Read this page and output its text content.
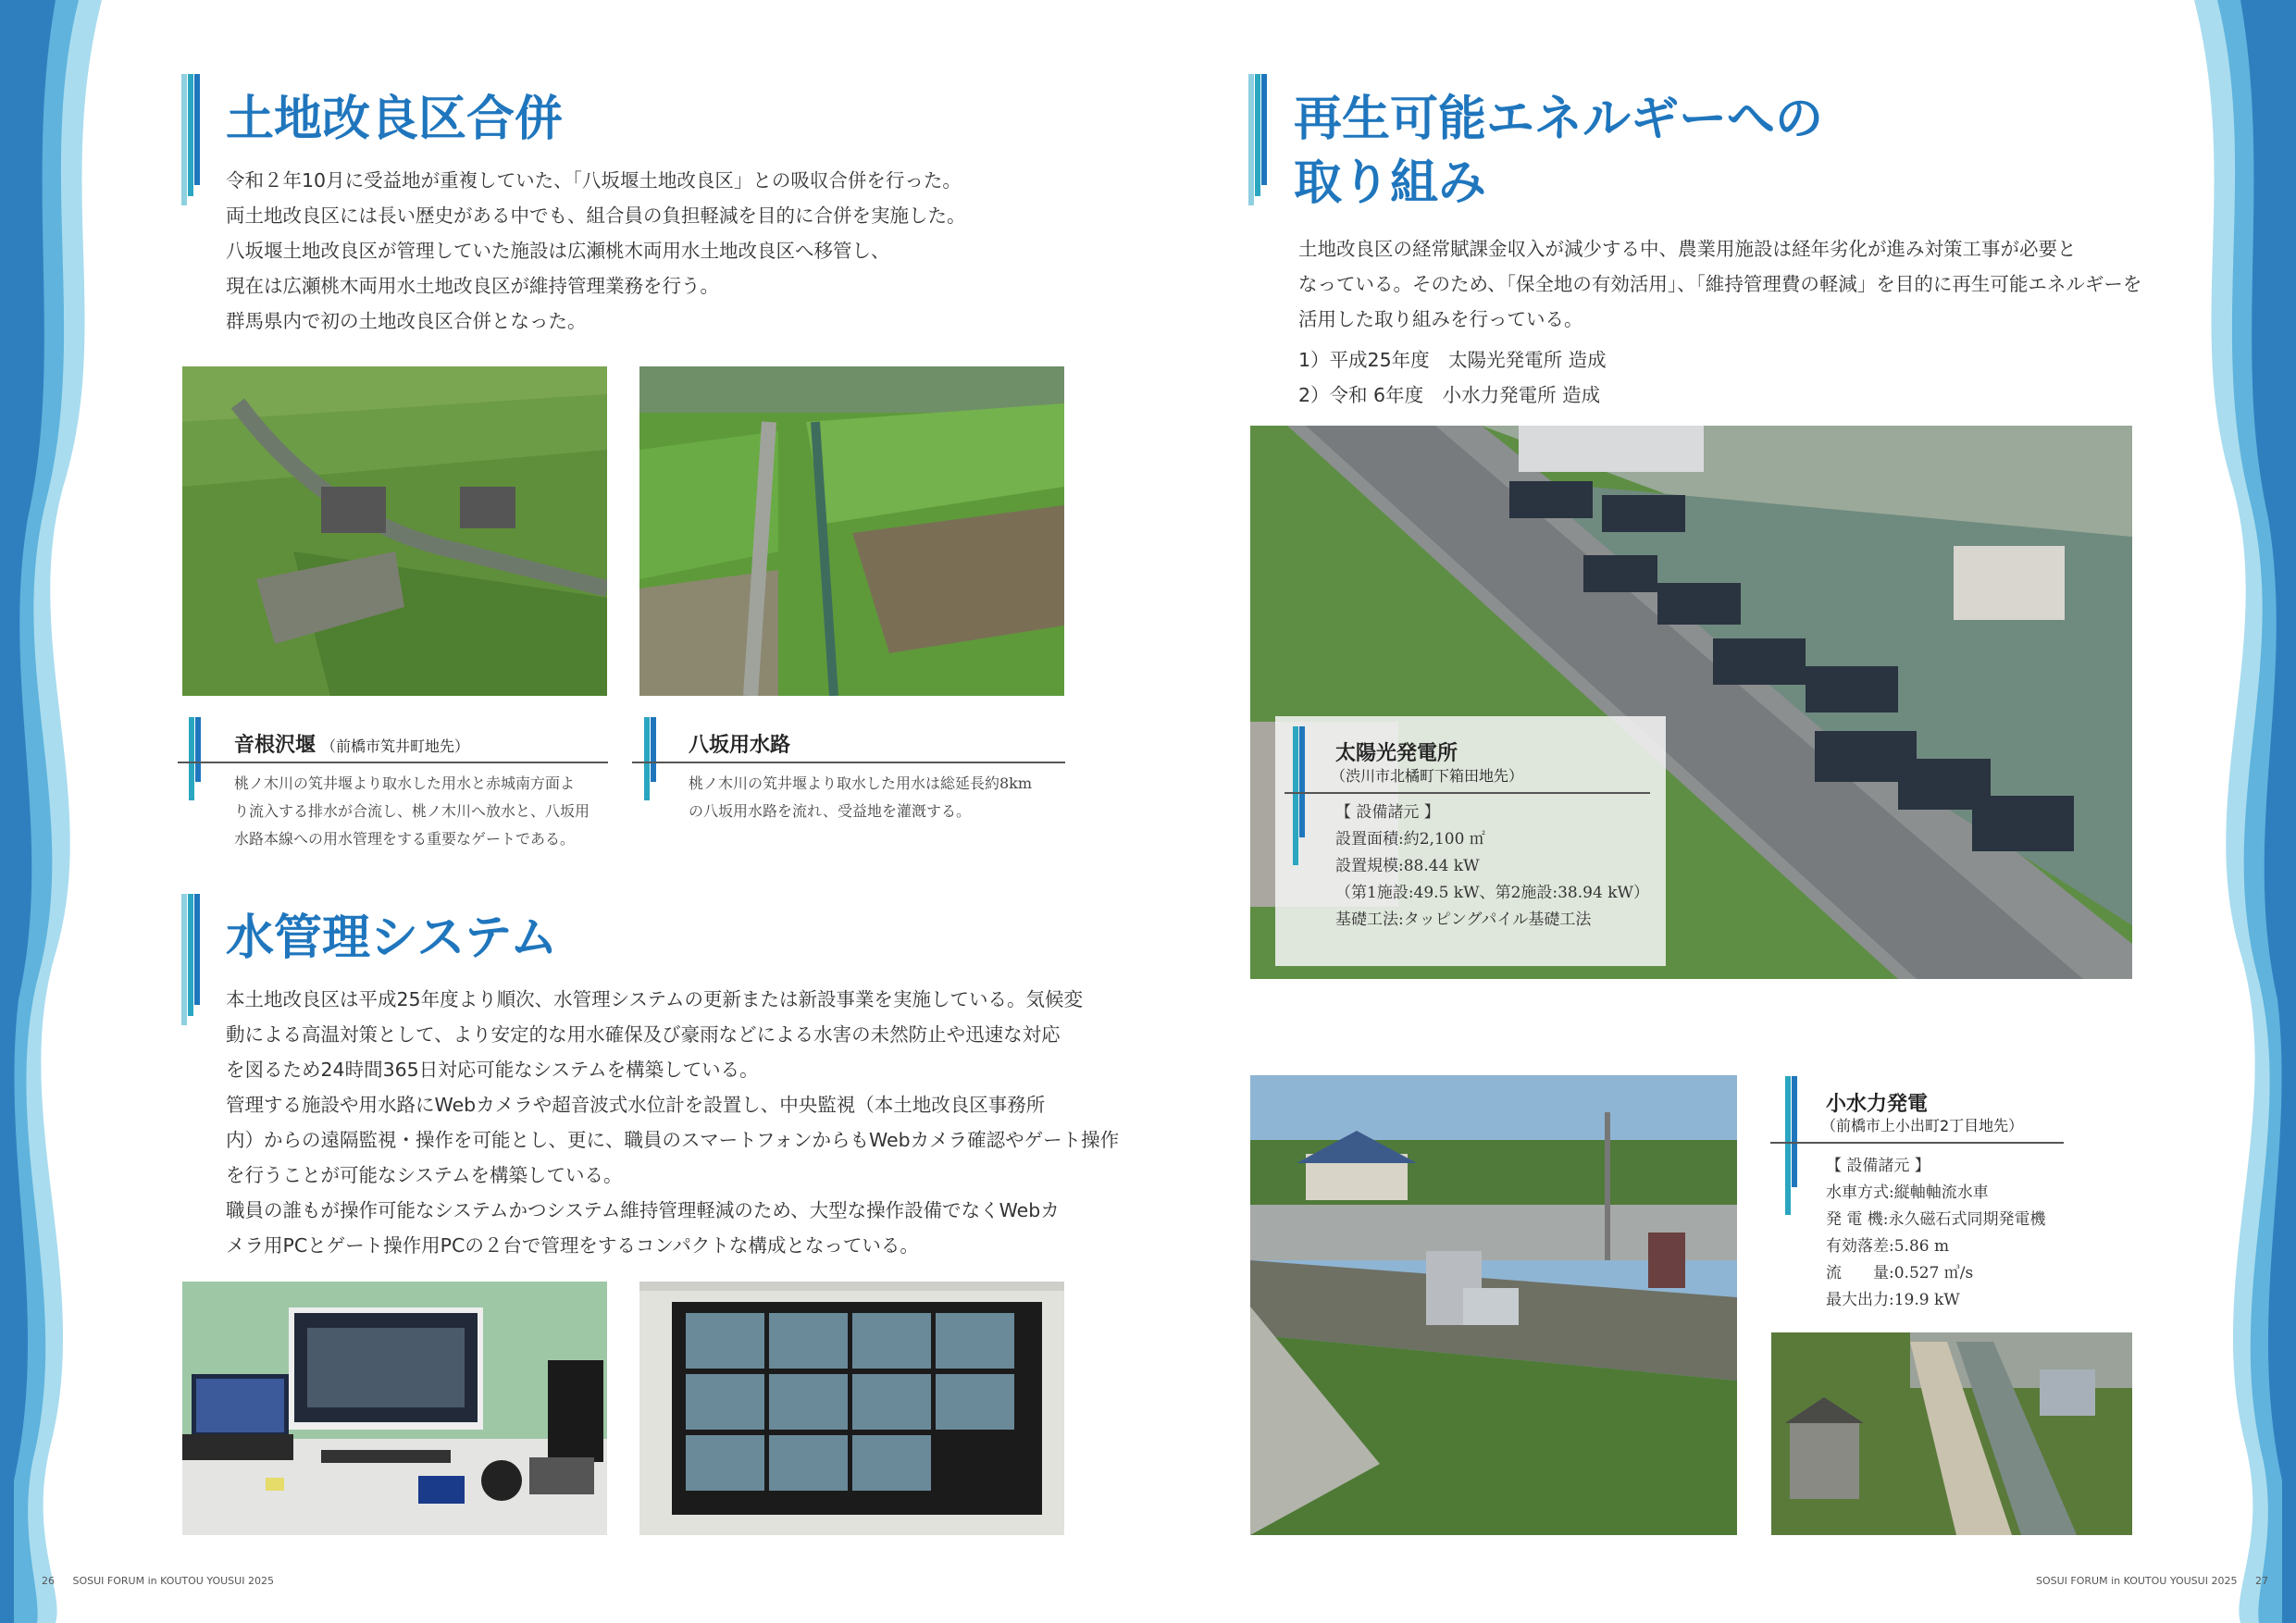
土地改良区合併
令和２年10月に受益地が重複していた、「八坂堰土地改良区」との吸収合併を行った。
両土地改良区には長い歴史がある中でも、組合員の負担軽減を目的に合併を実施した。
八坂堰土地改良区が管理していた施設は広瀬桃木両用水土地改良区へ移管し、
現在は広瀬桃木両用水土地改良区が維持管理業務を行う。
群馬県内で初の土地改良区合併となった。
音根沢堰 （前橋市笂井町地先）
桃ノ木川の笂井堰より取水した用水と赤城南方面よ
り流入する排水が合流し、桃ノ木川へ放水と、八坂用
水路本線への用水管理をする重要なゲートである。
八坂用水路
桃ノ木川の笂井堰より取水した用水は総延長約8km
の八坂用水路を流れ、受益地を灌漑する。
水管理システム
本土地改良区は平成25年度より順次、水管理システムの更新または新設事業を実施している。気候変
動による高温対策として、より安定的な用水確保及び豪雨などによる水害の未然防止や迅速な対応
を図るため24時間365日対応可能なシステムを構築している。
管理する施設や用水路にWebカメラや超音波式水位計を設置し、中央監視（本土地改良区事務所
内）からの遠隔監視・操作を可能とし、更に、職員のスマートフォンからもWebカメラ確認やゲート操作
を行うことが可能なシステムを構築している。
職員の誰もが操作可能なシステムかつシステム維持管理軽減のため、大型な操作設備でなくWebカ
メラ用PCとゲート操作用PCの２台で管理をするコンパクトな構成となっている。
26 SOSUI FORUM in KOUTOU YOUSUI 2025
再生可能エネルギーへの
取り組み
土地改良区の経常賦課金収入が減少する中、農業用施設は経年劣化が進み対策工事が必要と
なっている。そのため、「保全地の有効活用」、「維持管理費の軽減」を目的に再生可能エネルギーを
活用した取り組みを行っている。
1）平成25年度　太陽光発電所 造成
2）令和 6年度　小水力発電所 造成
太陽光発電所
（渋川市北橘町下箱田地先）
【 設備諸元 】
設置面積:約2,100 ㎡
設置規模:88.44 kW
（第1施設:49.5 kW、第2施設:38.94 kW）
基礎工法:タッピングパイル基礎工法
小水力発電
（前橋市上小出町2丁目地先）
【 設備諸元 】
水車方式:縦軸軸流水車
発 電 機:永久磁石式同期発電機
有効落差:5.86 m
流　　量:0.527 ㎥/s
最大出力:19.9 kW
SOSUI FORUM in KOUTOU YOUSUI 2025 27
